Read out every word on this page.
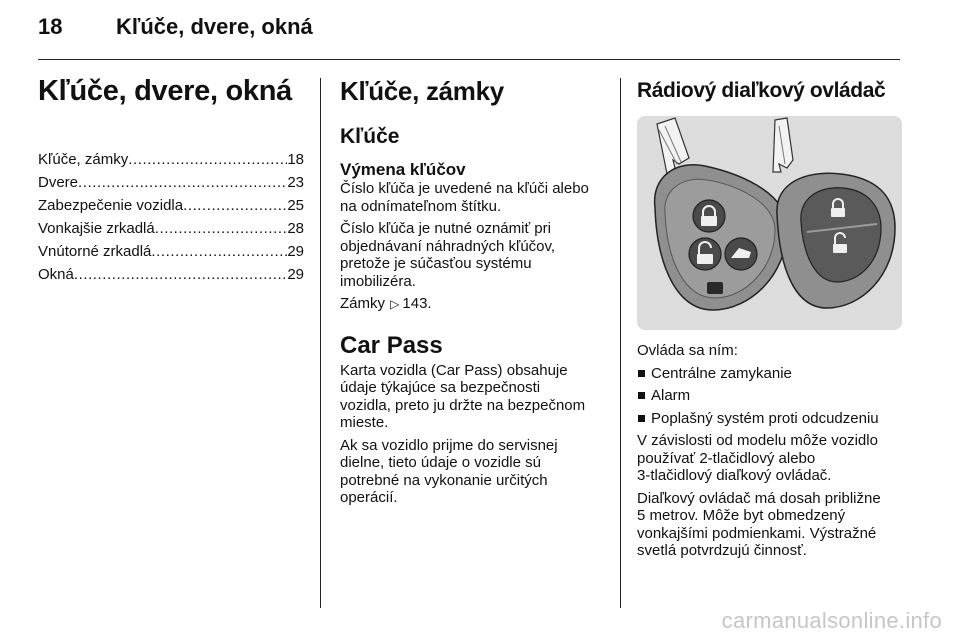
18 Kľúče, dvere, okná
Kľúče, dvere, okná
Kľúče, zámky . . .	18
Dvere . . .	23
Zabezpečenie vozidla . . .	25
Vonkajšie zrkadlá . . .	28
Vnútorné zrkadlá . . .	29
Okná . . .	29
Kľúče, zámky
Kľúče
Výmena kľúčov

Číslo kľúča je uvedené na kľúči alebo
na odnímateľnom štítku.

Číslo kľúča je nutné oznámiť pri
objednávaní náhradných kľúčov,
pretože je súčasťou systému
imobilizéra.

Zámky ▷ 143.

Car Pass

Karta vozidla (Car Pass) obsahuje
údaje týkajúce sa bezpečnosti
vozidla, preto ju držte na bezpečnom
mieste.

Ak sa vozidlo prijme do servisnej
dielne, tieto údaje o vozidle sú
potrebné na vykonanie určitých
operácií.

Rádiový diaľkový ovládač

Ovláda sa ním:

Centrálne zamykanie
Alarm
Poplašný systém proti odcudzeniu

V závislosti od modelu môže vozidlo
používať 2-tlačidlový alebo
3-tlačidlový diaľkový ovládač.

Diaľkový ovládač má dosah približne
5 metrov. Môže byt obmedzený
vonkajšími podmienkami. Výstražné
svetlá potvrdzujú činnosť.

carmanualsonline.info
